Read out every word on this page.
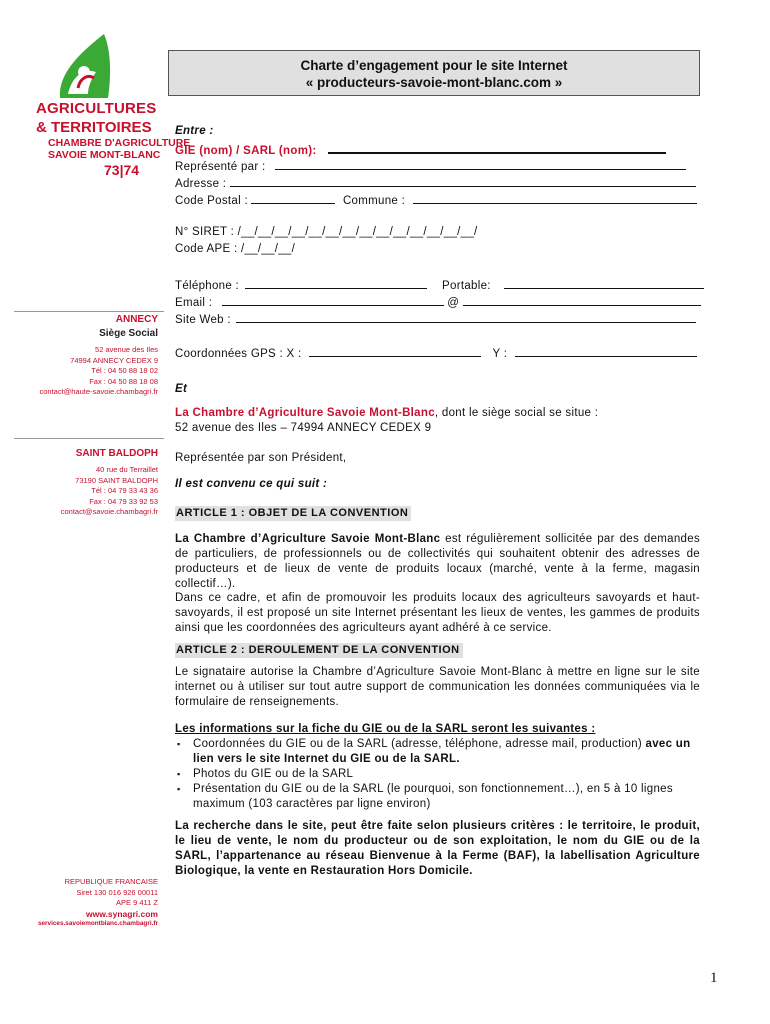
AGRICULTURES
& TERRITOIRES
CHAMBRE D'AGRICULTURE
SAVOIE MONT-BLANC
73|74
ANNECY
Siège Social
52 avenue des Iles
74994 ANNECY CEDEX 9
Tél : 04 50 88 18 02
Fax : 04 50 88 18 08
contact@haute-savoie.chambagri.fr
SAINT BALDOPH
40 rue du Terraillet
73190 SAINT BALDOPH
Tél : 04 79 33 43 36
Fax : 04 79 33 92 53
contact@savoie.chambagri.fr
REPUBLIQUE FRANCAISE
Siret 130 016 926 00011
APE 9 411 Z
www.synagri.com
services.savoiemontblanc.chambagri.fr
Charte d’engagement pour le site Internet
« producteurs-savoie-mont-blanc.com »
Entre :
GIE (nom) / SARL (nom):
Représenté par :
Adresse :
Code Postal :	Commune :
N° SIRET : /__/__/__/__/__/__/__/__/__/__/__/__/__/__/
Code APE : /__/__/__/
Téléphone :	Portable:
Email :	@
Site Web :
Coordonnées GPS : X :	Y :
Et
La Chambre d’Agriculture Savoie Mont-Blanc, dont le siège social se situe :
52 avenue des Iles – 74994 ANNECY CEDEX 9
Représentée par son Président,
Il est convenu ce qui suit :
ARTICLE 1 : OBJET DE LA CONVENTION
La Chambre d’Agriculture Savoie Mont-Blanc est régulièrement sollicitée par des demandes de particuliers, de professionnels ou de collectivités qui souhaitent obtenir des adresses de producteurs et de lieux de vente de produits locaux (marché, vente à la ferme, magasin collectif…).
Dans ce cadre, et afin de promouvoir les produits locaux des agriculteurs savoyards et haut-savoyards, il est proposé un site Internet présentant les lieux de ventes, les gammes de produits ainsi que les coordonnées des agriculteurs ayant adhéré à ce service.
ARTICLE 2 : DEROULEMENT DE LA CONVENTION
Le signataire autorise la Chambre d’Agriculture Savoie Mont-Blanc à mettre en ligne sur le site internet ou à utiliser sur tout autre support de communication les données communiquées via le formulaire de renseignements.
Les informations sur la fiche du GIE ou de la SARL seront les suivantes :
▪ Coordonnées du GIE ou de la SARL (adresse, téléphone, adresse mail, production) avec un lien vers le site Internet du GIE ou de la SARL.
▪ Photos du GIE ou de la SARL
▪ Présentation du GIE ou de la SARL (le pourquoi, son fonctionnement…), en 5 à 10 lignes maximum (103 caractères par ligne environ)
La recherche dans le site, peut être faite selon plusieurs critères : le territoire, le produit, le lieu de vente, le nom du producteur ou de son exploitation, le nom du GIE ou de la SARL, l’appartenance au réseau Bienvenue à la Ferme (BAF), la labellisation Agriculture Biologique, la vente en Restauration Hors Domicile.
1
